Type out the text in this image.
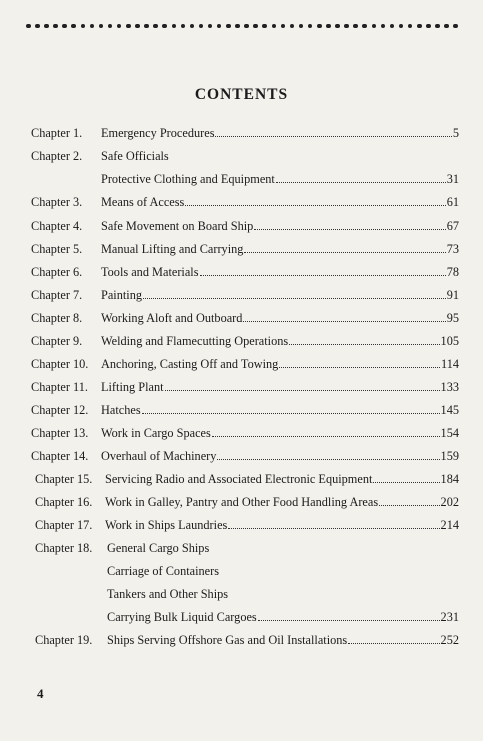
CONTENTS
Chapter 1. Emergency Procedures	5
Chapter 2. Safe Officials
Protective Clothing and Equipment	31
Chapter 3. Means of Access	61
Chapter 4. Safe Movement on Board Ship	67
Chapter 5. Manual Lifting and Carrying	73
Chapter 6. Tools and Materials	78
Chapter 7. Painting	91
Chapter 8. Working Aloft and Outboard	95
Chapter 9. Welding and Flamecutting Operations	105
Chapter 10. Anchoring, Casting Off and Towing	114
Chapter 11. Lifting Plant	133
Chapter 12. Hatches	145
Chapter 13. Work in Cargo Spaces	154
Chapter 14. Overhaul of Machinery	159
Chapter 15. Servicing Radio and Associated Electronic Equipment	184
Chapter 16. Work in Galley, Pantry and Other Food Handling Areas	202
Chapter 17. Work in Ships Laundries	214
Chapter 18. General Cargo Ships
Carriage of Containers
Tankers and Other Ships
Carrying Bulk Liquid Cargoes	231
Chapter 19. Ships Serving Offshore Gas and Oil Installations	252
4
